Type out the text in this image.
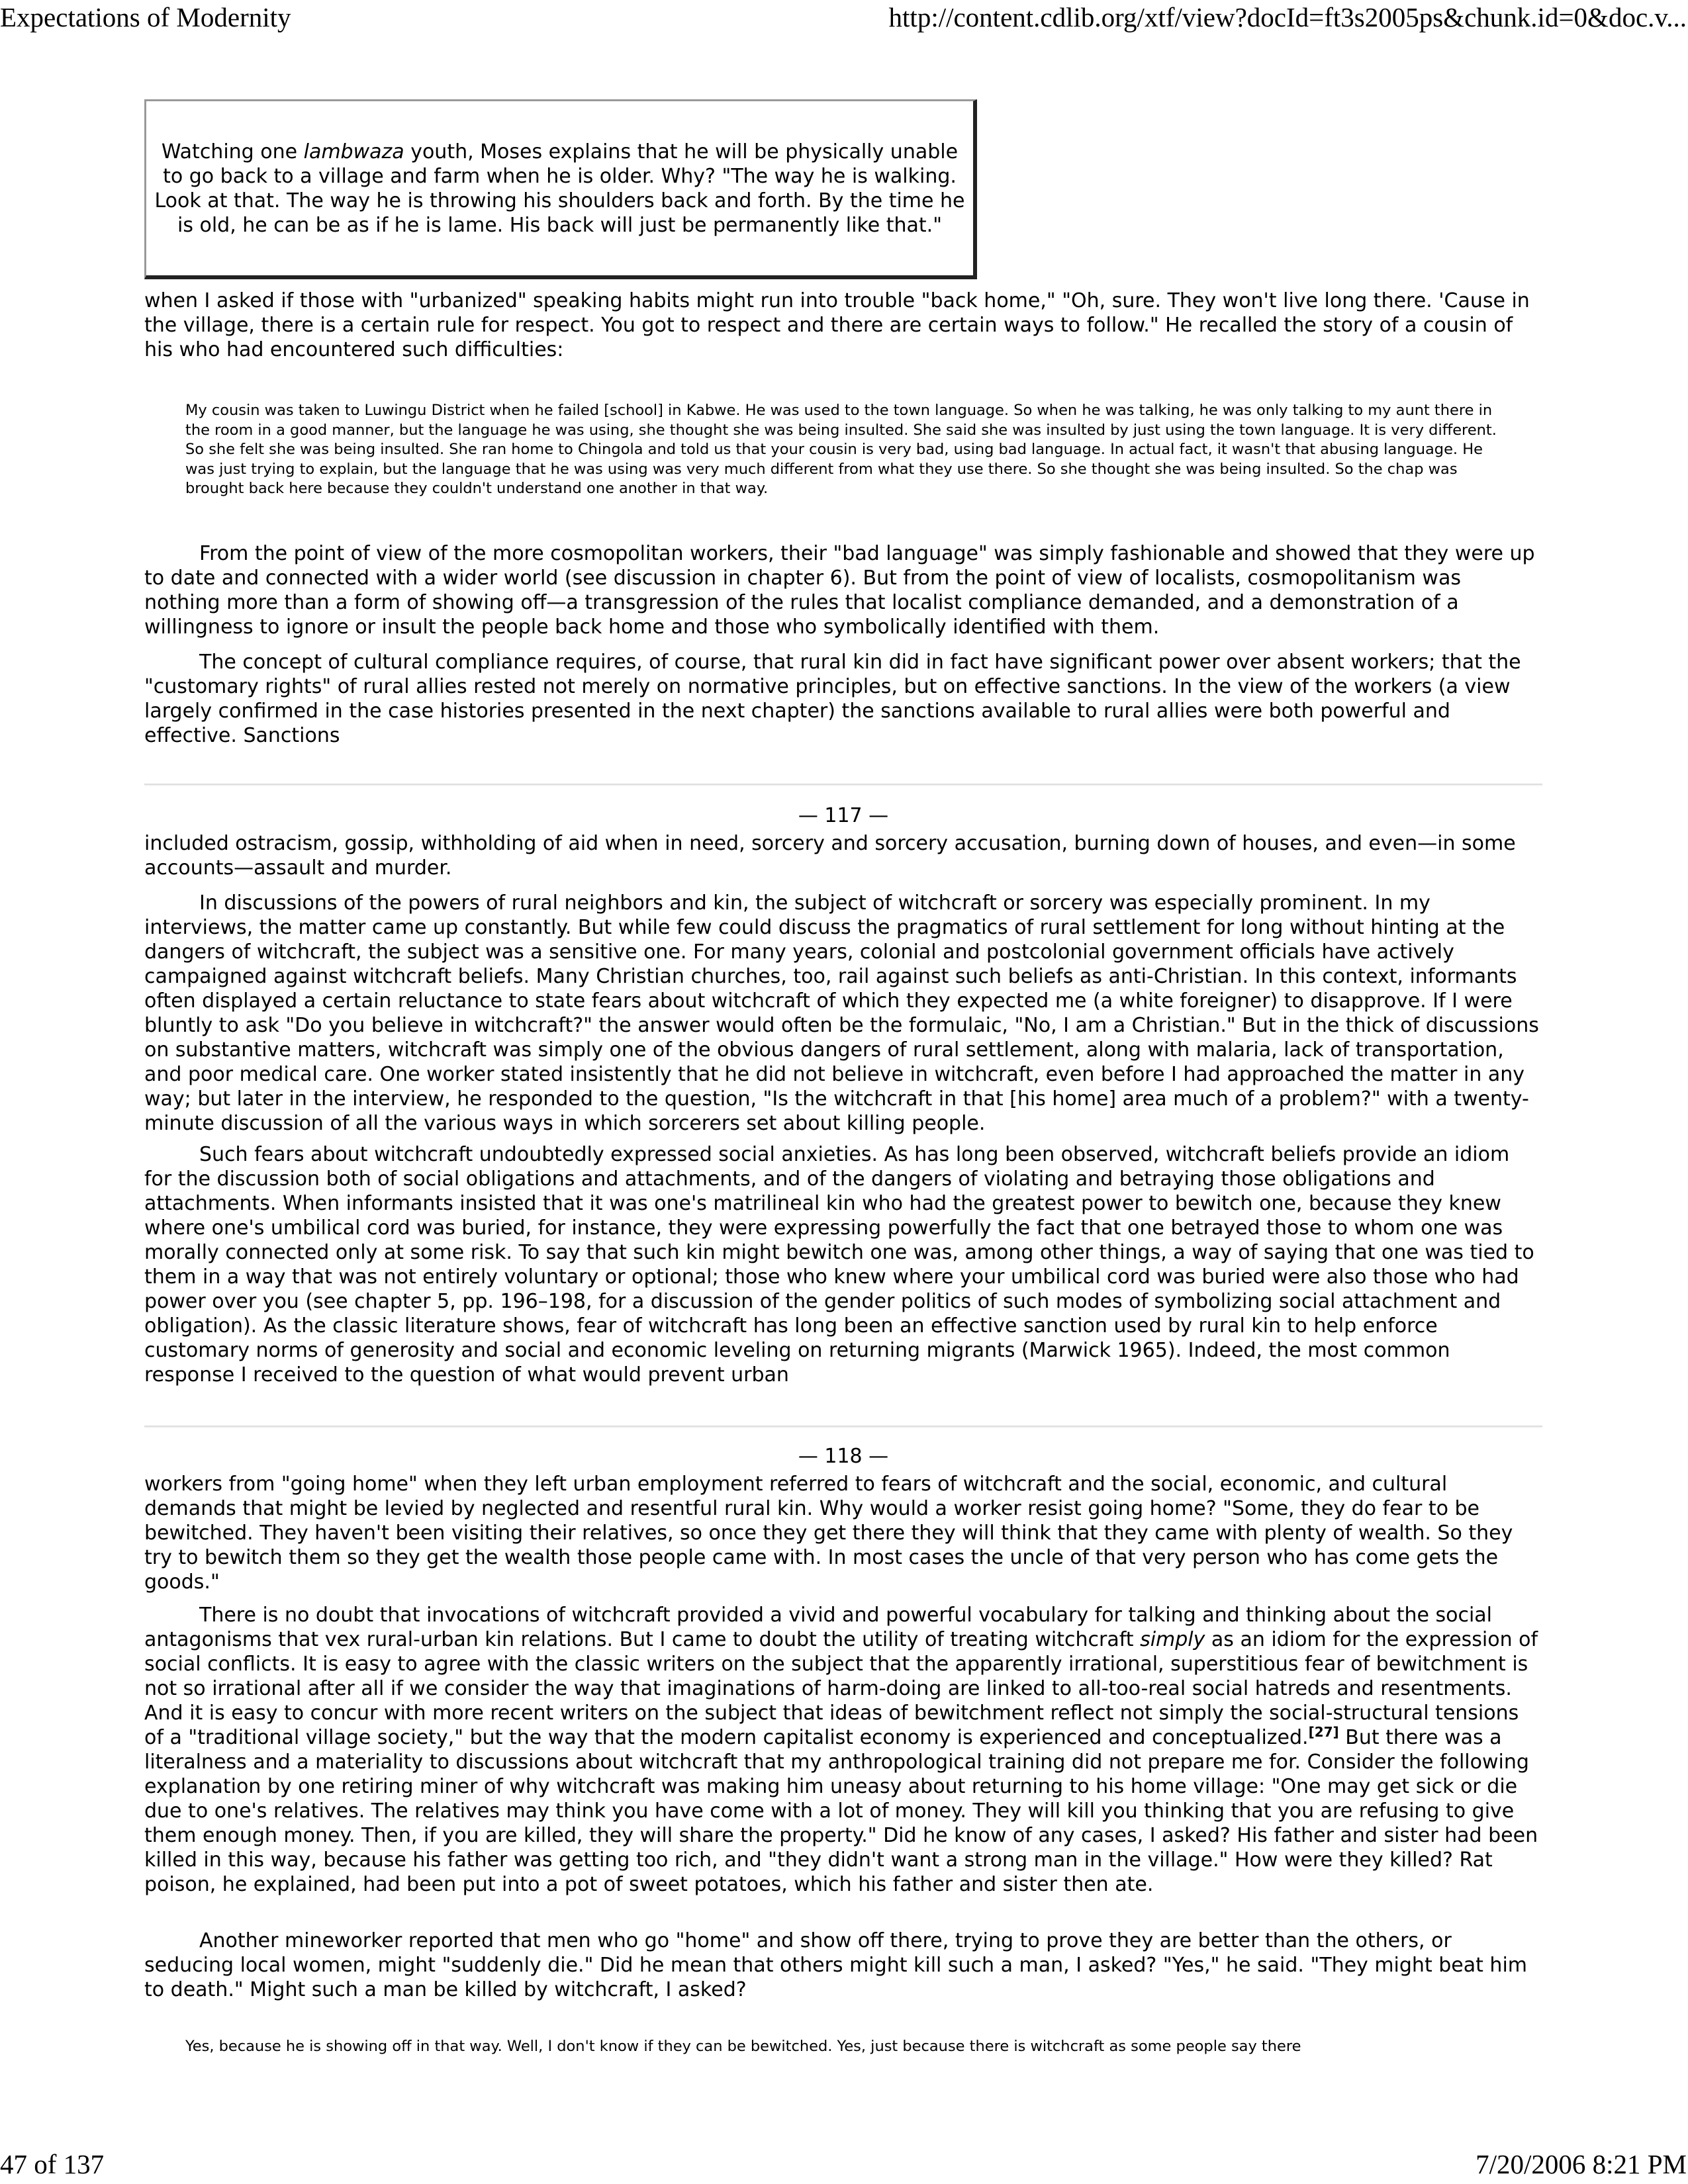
Expectations of Modernity	http://content.cdlib.org/xtf/view?docId=ft3s2005ps&chunk.id=0&doc.v...
Watching one lambwaza youth, Moses explains that he will be physically unable to go back to a village and farm when he is older. Why? "The way he is walking. Look at that. The way he is throwing his shoulders back and forth. By the time he is old, he can be as if he is lame. His back will just be permanently like that."

when I asked if those with "urbanized" speaking habits might run into trouble "back home," "Oh, sure. They won't live long there. 'Cause in the village, there is a certain rule for respect. You got to respect and there are certain ways to follow." He recalled the story of a cousin of his who had encountered such difficulties:

My cousin was taken to Luwingu District when he failed [school] in Kabwe. He was used to the town language. So when he was talking, he was only talking to my aunt there in the room in a good manner, but the language he was using, she thought she was being insulted. She said she was insulted by just using the town language. It is very different. So she felt she was being insulted. She ran home to Chingola and told us that your cousin is very bad, using bad language. In actual fact, it wasn't that abusing language. He was just trying to explain, but the language that he was using was very much different from what they use there. So she thought she was being insulted. So the chap was brought back here because they couldn't understand one another in that way.

From the point of view of the more cosmopolitan workers, their "bad language" was simply fashionable and showed that they were up to date and connected with a wider world (see discussion in chapter 6). But from the point of view of localists, cosmopolitanism was nothing more than a form of showing off—a transgression of the rules that localist compliance demanded, and a demonstration of a willingness to ignore or insult the people back home and those who symbolically identified with them.

The concept of cultural compliance requires, of course, that rural kin did in fact have significant power over absent workers; that the "customary rights" of rural allies rested not merely on normative principles, but on effective sanctions. In the view of the workers (a view largely confirmed in the case histories presented in the next chapter) the sanctions available to rural allies were both powerful and effective. Sanctions

— 117 —

included ostracism, gossip, withholding of aid when in need, sorcery and sorcery accusation, burning down of houses, and even—in some accounts—assault and murder.

In discussions of the powers of rural neighbors and kin, the subject of witchcraft or sorcery was especially prominent. In my interviews, the matter came up constantly. But while few could discuss the pragmatics of rural settlement for long without hinting at the dangers of witchcraft, the subject was a sensitive one. For many years, colonial and postcolonial government officials have actively campaigned against witchcraft beliefs. Many Christian churches, too, rail against such beliefs as anti-Christian. In this context, informants often displayed a certain reluctance to state fears about witchcraft of which they expected me (a white foreigner) to disapprove. If I were bluntly to ask "Do you believe in witchcraft?" the answer would often be the formulaic, "No, I am a Christian." But in the thick of discussions on substantive matters, witchcraft was simply one of the obvious dangers of rural settlement, along with malaria, lack of transportation, and poor medical care. One worker stated insistently that he did not believe in witchcraft, even before I had approached the matter in any way; but later in the interview, he responded to the question, "Is the witchcraft in that [his home] area much of a problem?" with a twenty-minute discussion of all the various ways in which sorcerers set about killing people.

Such fears about witchcraft undoubtedly expressed social anxieties. As has long been observed, witchcraft beliefs provide an idiom for the discussion both of social obligations and attachments, and of the dangers of violating and betraying those obligations and attachments. When informants insisted that it was one's matrilineal kin who had the greatest power to bewitch one, because they knew where one's umbilical cord was buried, for instance, they were expressing powerfully the fact that one betrayed those to whom one was morally connected only at some risk. To say that such kin might bewitch one was, among other things, a way of saying that one was tied to them in a way that was not entirely voluntary or optional; those who knew where your umbilical cord was buried were also those who had power over you (see chapter 5, pp. 196–198, for a discussion of the gender politics of such modes of symbolizing social attachment and obligation). As the classic literature shows, fear of witchcraft has long been an effective sanction used by rural kin to help enforce customary norms of generosity and social and economic leveling on returning migrants (Marwick 1965). Indeed, the most common response I received to the question of what would prevent urban

— 118 —

workers from "going home" when they left urban employment referred to fears of witchcraft and the social, economic, and cultural demands that might be levied by neglected and resentful rural kin. Why would a worker resist going home? "Some, they do fear to be bewitched. They haven't been visiting their relatives, so once they get there they will think that they came with plenty of wealth. So they try to bewitch them so they get the wealth those people came with. In most cases the uncle of that very person who has come gets the goods."

There is no doubt that invocations of witchcraft provided a vivid and powerful vocabulary for talking and thinking about the social antagonisms that vex rural-urban kin relations. But I came to doubt the utility of treating witchcraft simply as an idiom for the expression of social conflicts. It is easy to agree with the classic writers on the subject that the apparently irrational, superstitious fear of bewitchment is not so irrational after all if we consider the way that imaginations of harm-doing are linked to all-too-real social hatreds and resentments. And it is easy to concur with more recent writers on the subject that ideas of bewitchment reflect not simply the social-structural tensions of a "traditional village society," but the way that the modern capitalist economy is experienced and conceptualized.[27] But there was a literalness and a materiality to discussions about witchcraft that my anthropological training did not prepare me for. Consider the following explanation by one retiring miner of why witchcraft was making him uneasy about returning to his home village: "One may get sick or die due to one's relatives. The relatives may think you have come with a lot of money. They will kill you thinking that you are refusing to give them enough money. Then, if you are killed, they will share the property." Did he know of any cases, I asked? His father and sister had been killed in this way, because his father was getting too rich, and "they didn't want a strong man in the village." How were they killed? Rat poison, he explained, had been put into a pot of sweet potatoes, which his father and sister then ate.

Another mineworker reported that men who go "home" and show off there, trying to prove they are better than the others, or seducing local women, might "suddenly die." Did he mean that others might kill such a man, I asked? "Yes," he said. "They might beat him to death." Might such a man be killed by witchcraft, I asked?

Yes, because he is showing off in that way. Well, I don't know if they can be bewitched. Yes, just because there is witchcraft as some people say there

47 of 137	7/20/2006 8:21 PM
